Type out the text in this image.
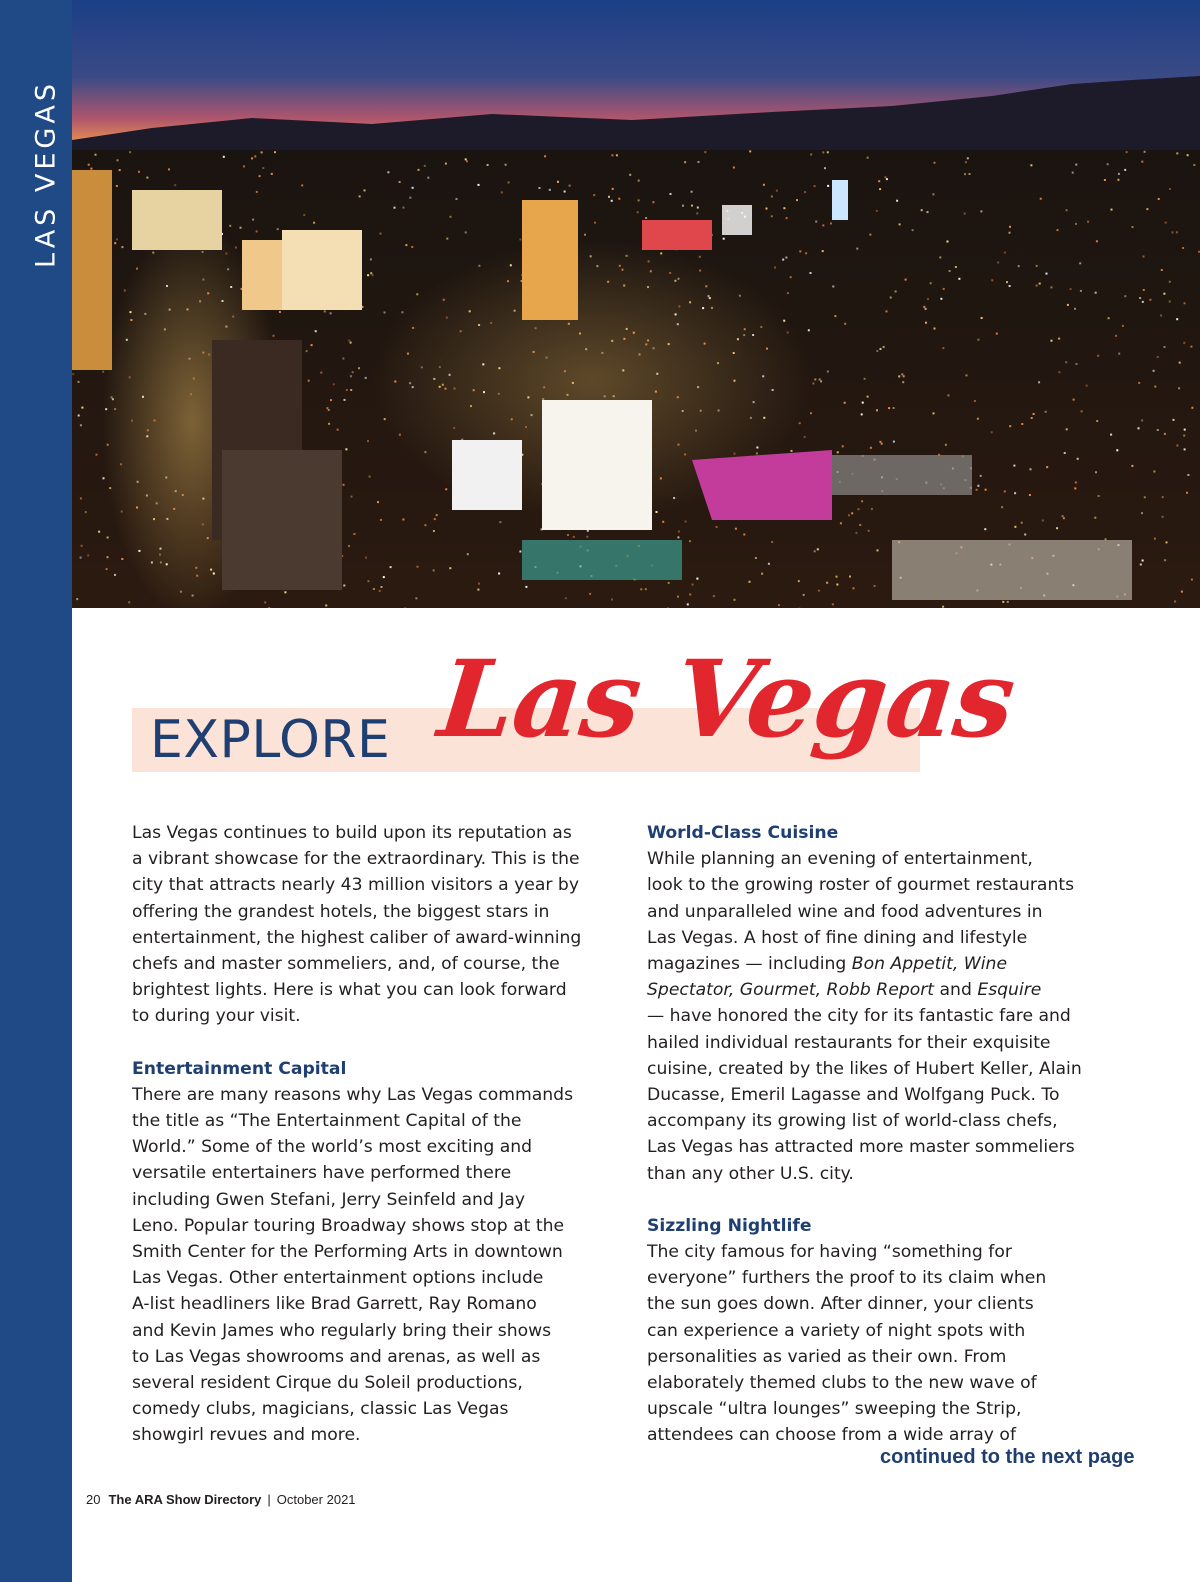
LAS VEGAS
EXPLORE Las Vegas

Las Vegas continues to build upon its reputation as

a vibrant showcase for the extraordinary. This is the

city that attracts nearly 43 million visitors a year by

offering the grandest hotels, the biggest stars in

entertainment, the highest caliber of award-winning

chefs and master sommeliers, and, of course, the

brightest lights. Here is what you can look forward

to during your visit.

Entertainment Capital

There are many reasons why Las Vegas commands

the title as “The Entertainment Capital of the

World.” Some of the world’s most exciting and

versatile entertainers have performed there

including Gwen Stefani, Jerry Seinfeld and Jay

Leno. Popular touring Broadway shows stop at the

Smith Center for the Performing Arts in downtown

Las Vegas. Other entertainment options include

A-list headliners like Brad Garrett, Ray Romano

and Kevin James who regularly bring their shows

to Las Vegas showrooms and arenas, as well as

several resident Cirque du Soleil productions,

comedy clubs, magicians, classic Las Vegas

showgirl revues and more.

World-Class Cuisine

While planning an evening of entertainment,

look to the growing roster of gourmet restaurants

and unparalleled wine and food adventures in

Las Vegas. A host of fine dining and lifestyle

magazines — including Bon Appetit, Wine

Spectator, Gourmet, Robb Report and Esquire

— have honored the city for its fantastic fare and

hailed individual restaurants for their exquisite

cuisine, created by the likes of Hubert Keller, Alain

Ducasse, Emeril Lagasse and Wolfgang Puck. To

accompany its growing list of world-class chefs,

Las Vegas has attracted more master sommeliers

than any other U.S. city.

Sizzling Nightlife

The city famous for having “something for

everyone” furthers the proof to its claim when

the sun goes down. After dinner, your clients

can experience a variety of night spots with

personalities as varied as their own. From

elaborately themed clubs to the new wave of

upscale “ultra lounges” sweeping the Strip,

attendees can choose from a wide array of

continued to the next page
20 The ARA Show Directory | October 2021
